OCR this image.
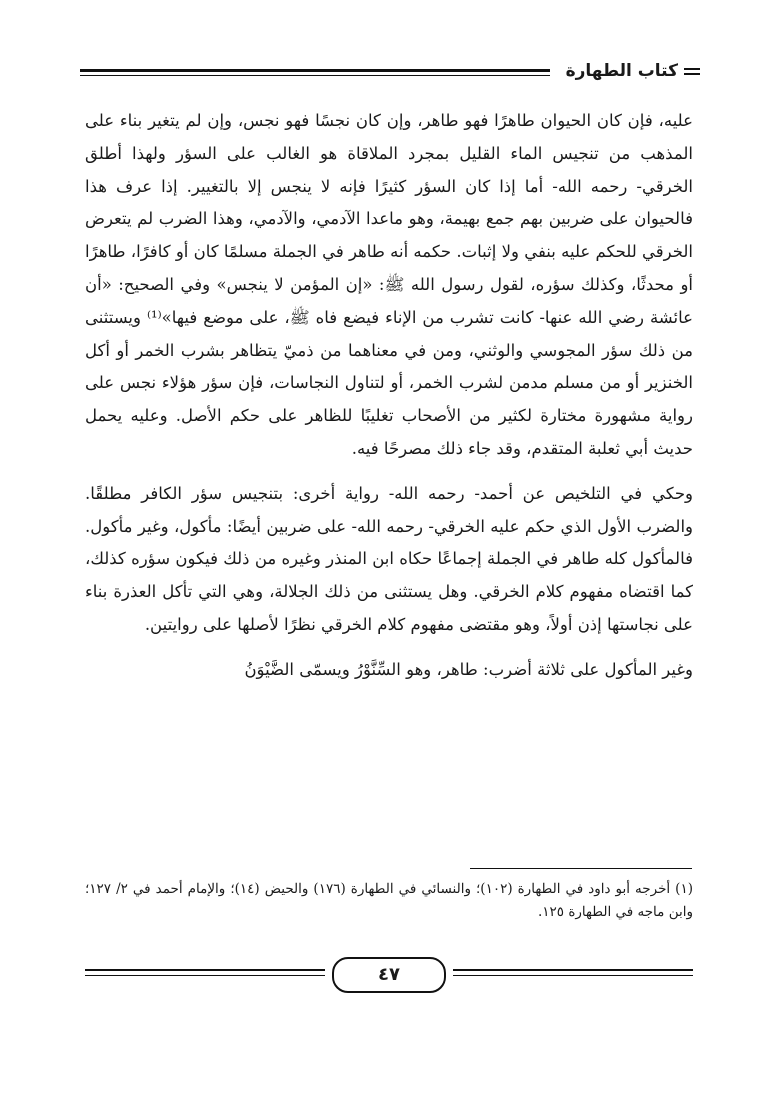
كتاب الطهارة

عليه، فإن كان الحيوان طاهرًا فهو طاهر، وإن كان نجسًا فهو نجس، وإن لم يتغير بناء على المذهب من تنجيس الماء القليل بمجرد الملاقاة هو الغالب على السؤر ولهذا أطلق الخرقي- رحمه الله- أما إذا كان السؤر كثيرًا فإنه لا ينجس إلا بالتغيير. إذا عرف هذا فالحيوان على ضربين بهم جمع بهيمة، وهو ماعدا الآدمي، والآدمي، وهذا الضرب لم يتعرض الخرقي للحكم عليه بنفي ولا إثبات. حكمه أنه طاهر في الجملة مسلمًا كان أو كافرًا، طاهرًا أو محدثًا، وكذلك سؤره، لقول رسول الله ﷺ: «إن المؤمن لا ينجس» وفي الصحيح: «أن عائشة رضي الله عنها- كانت تشرب من الإناء فيضع فاه ﷺ، على موضع فيها»⁽¹⁾ ويستثنى من ذلك سؤر المجوسي والوثني، ومن في معناهما من ذميّ يتظاهر بشرب الخمر أو أكل الخنزير أو من مسلم مدمن لشرب الخمر، أو لتناول النجاسات، فإن سؤر هؤلاء نجس على رواية مشهورة مختارة لكثير من الأصحاب تغليبًا للظاهر على حكم الأصل. وعليه يحمل حديث أبي ثعلبة المتقدم، وقد جاء ذلك مصرحًا فيه.

وحكي في التلخيص عن أحمد- رحمه الله- رواية أخرى: بتنجيس سؤر الكافر مطلقًا. والضرب الأول الذي حكم عليه الخرقي- رحمه الله- على ضربين أيضًا: مأكول، وغير مأكول. فالمأكول كله طاهر في الجملة إجماعًا حكاه ابن المنذر وغيره من ذلك فيكون سؤره كذلك، كما اقتضاه مفهوم كلام الخرقي. وهل يستثنى من ذلك الجلالة، وهي التي تأكل العذرة بناء على نجاستها إذن أولاً، وهو مقتضى مفهوم كلام الخرقي نظرًا لأصلها على روايتين.

وغير المأكول على ثلاثة أضرب: طاهر، وهو السِّنَّوْرُ ويسمّى الضَّيْوَنُ

(١) أخرجه أبو داود في الطهارة (١٠٢)؛ والنسائي في الطهارة (١٧٦) والحيض (١٤)؛ والإمام أحمد في ٢/ ١٢٧؛ وابن ماجه في الطهارة ١٢٥.

٤٧
